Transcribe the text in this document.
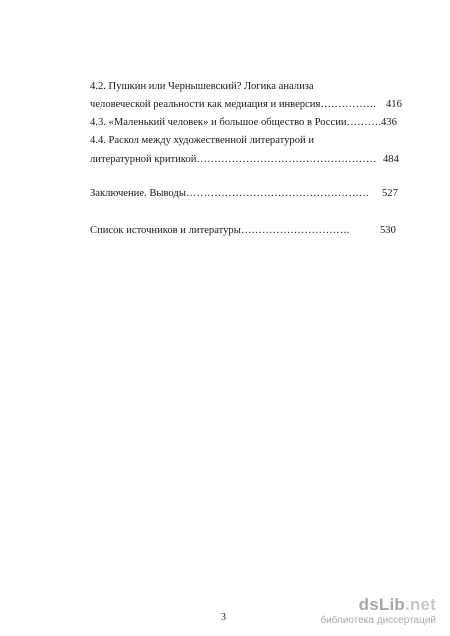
4.2. Пушкин или Чернышевский? Логика анализа
человеческой реальности как медиация и инверсия……………. 416
4.3. «Маленький человек» и большое общество в России………. 436
4.4. Раскол между художественной литературой и
литературной критикой…………………………………………… 484
Заключение. Выводы……………………………………………. 527
Список источников и литературы………………………….	530
3
dsLib.net
библиотека диссертаций
